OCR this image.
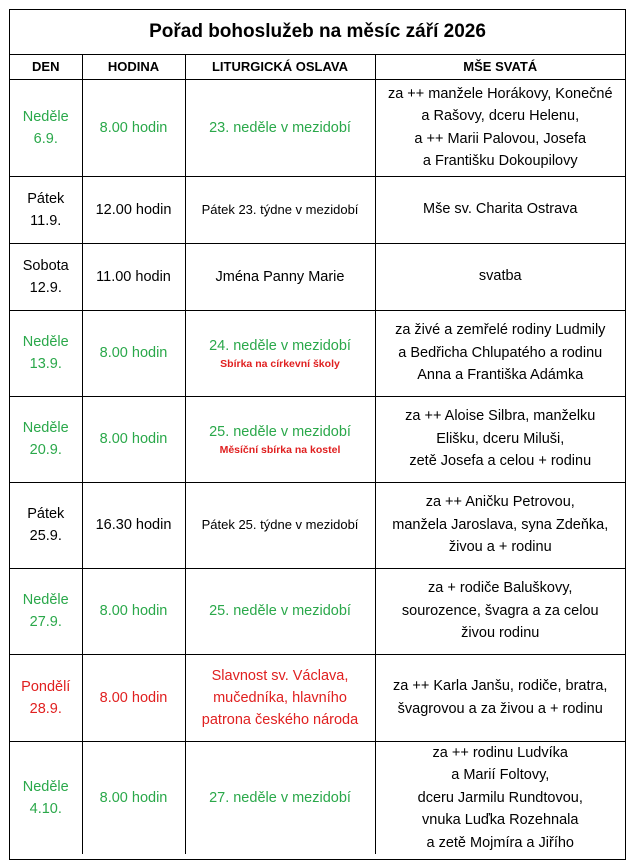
Pořad bohoslužeb na měsíc září 2026
DEN	HODINA	LITURGICKÁ OSLAVA	MŠE SVATÁ

Neděle
6.9.	8.00 hodin	23. neděle v mezidobí	za ++ manžele Horákovy, Konečné
a Rašovy, dceru Helenu,
a ++ Marii Palovou, Josefa
a Františku Dokoupilovy

Pátek
11.9.	12.00 hodin	Pátek 23. týdne v mezidobí	Mše sv. Charita Ostrava

Sobota
12.9.	11.00 hodin	Jména Panny Marie	svatba

Neděle
13.9.	8.00 hodin	24. neděle v mezidobí
Sbírka na církevní školy	za živé a zemřelé rodiny Ludmily
a Bedřicha Chlupatého a rodinu
Anna a Františka Adámka

Neděle
20.9.	8.00 hodin	25. neděle v mezidobí
Měsíční sbírka na kostel	za ++ Aloise Silbra, manželku
Elišku, dceru Miluši,
zetě Josefa a celou + rodinu

Pátek
25.9.	16.30 hodin	Pátek 25. týdne v mezidobí	za ++ Aničku Petrovou,
manžela Jaroslava, syna Zdeňka,
živou a + rodinu

Neděle
27.9.	8.00 hodin	25. neděle v mezidobí	za + rodiče Baluškovy,
sourozence, švagra a za celou
živou rodinu

Pondělí
28.9.	8.00 hodin	Slavnost sv. Václava,
mučedníka, hlavního
patrona českého národa	za ++ Karla Janšu, rodiče, bratra,
švagrovou a za živou a + rodinu

Neděle
4.10.	8.00 hodin	27. neděle v mezidobí	za ++ rodinu Ludvíka
a Marií Foltovy,
dceru Jarmilu Rundtovou,
vnuka Luďka Rozehnala
a zetě Mojmíra a Jiřího
